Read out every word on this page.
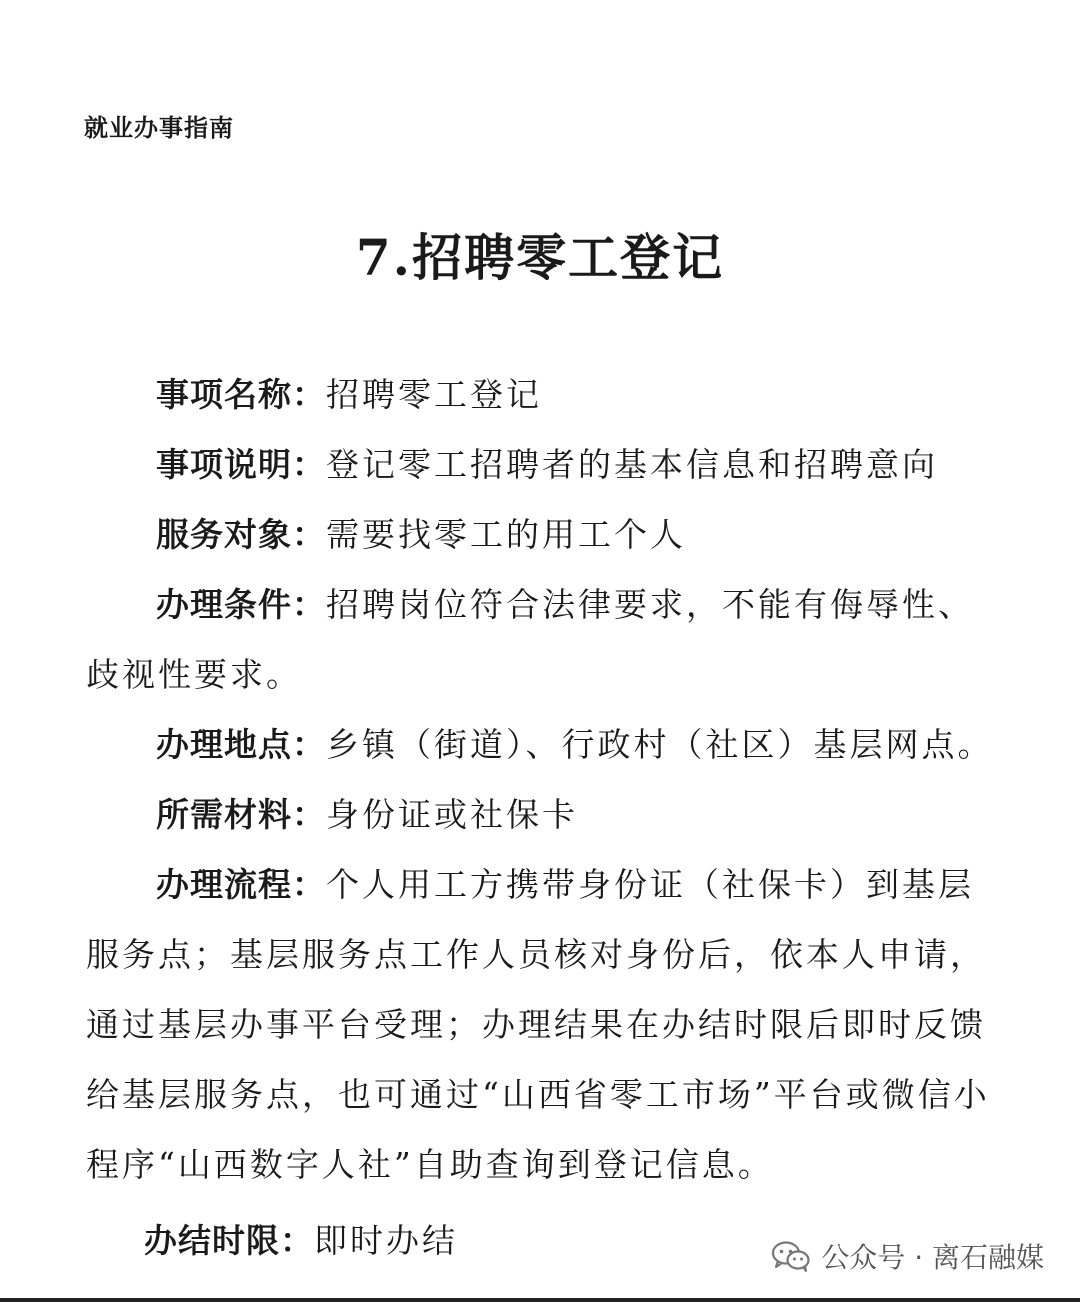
就业办事指南
7.招聘零工登记

事项名称：招聘零工登记

事项说明：登记零工招聘者的基本信息和招聘意向

服务对象：需要找零工的用工个人

办理条件：招聘岗位符合法律要求，不能有侮辱性、歧视性要求。

办理地点：乡镇（街道）、行政村（社区）基层网点。

所需材料：身份证或社保卡

办理流程：个人用工方携带身份证（社保卡）到基层服务点；基层服务点工作人员核对身份后，依本人申请，通过基层办事平台受理；办理结果在办结时限后即时反馈给基层服务点，也可通过“山西省零工市场”平台或微信小程序“山西数字人社”自助查询到登记信息。

办结时限：即时办结	公众号 · 离石融媒
